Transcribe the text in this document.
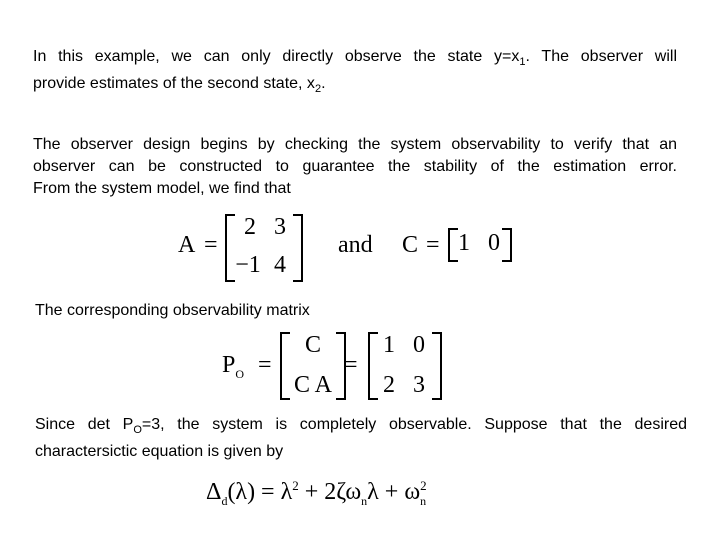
In this example, we can only directly observe the state $y=x_1$. The observer will
provide estimates of the second state, $x_2$.
The observer design begins by checking the system observability to verify that an
observer can be constructed to guarantee the stability of the estimation error.
From the system model, we find that
A =
2 3
−1 4
and C = 1 0
The corresponding observability matrix
$P_O$ =
C
C A
=
1 0
2 3
Since $\det P_O=3$, the system is completely observable. Suppose that the desired
charactersictic equation is given by
$\Delta_d(\lambda) = \lambda^2 + 2\zeta\omega_n\lambda + \omega_n^2$
